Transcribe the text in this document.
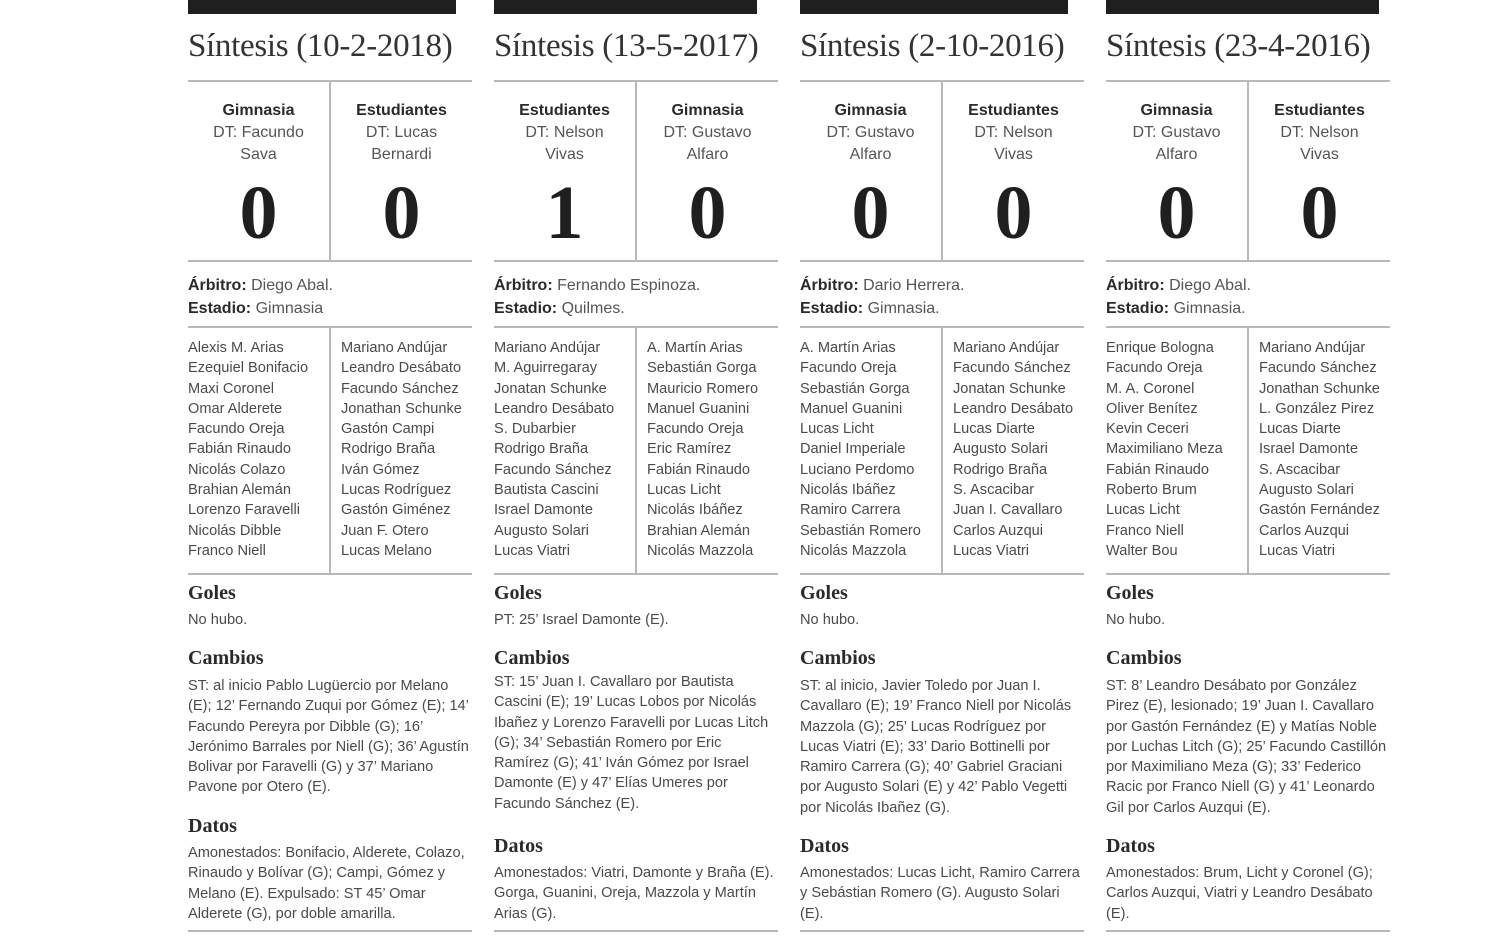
Síntesis (10-2-2018)
Gimnasia
DT: Facundo Sava
Estudiantes
DT: Lucas Bernardi
0	0
Árbitro: Diego Abal.
Estadio: Gimnasia
Alexis M. Arias
Ezequiel Bonifacio
Maxi Coronel
Omar Alderete
Facundo Oreja
Fabián Rinaudo
Nicolás Colazo
Brahian Alemán
Lorenzo Faravelli
Nicolás Dibble
Franco Niell
Mariano Andújar
Leandro Desábato
Facundo Sánchez
Jonathan Schunke
Gastón Campi
Rodrigo Braña
Iván Gómez
Lucas Rodríguez
Gastón Giménez
Juan F. Otero
Lucas Melano
Goles
No hubo.
Cambios
ST: al inicio Pablo Lugüercio por Melano (E); 12’ Fernando Zuqui por Gómez (E); 14’ Facundo Pereyra por Dibble (G); 16’ Jerónimo Barrales por Niell (G); 36’ Agustín Bolivar por Faravelli (G) y 37’ Mariano Pavone por Otero (E).
Datos
Amonestados: Bonifacio, Alderete, Colazo, Rinaudo y Bolívar (G); Campi, Gómez y Melano (E). Expulsado: ST 45’ Omar Alderete (G), por doble amarilla.
Síntesis (13-5-2017)
Estudiantes
DT: Nelson Vivas
Gimnasia
DT: Gustavo Alfaro
1	0
Árbitro: Fernando Espinoza.
Estadio: Quilmes.
Mariano Andújar
M. Aguirregaray
Jonatan Schunke
Leandro Desábato
S. Dubarbier
Rodrigo Braña
Facundo Sánchez
Bautista Cascini
Israel Damonte
Augusto Solari
Lucas Viatri
A. Martín Arias
Sebastián Gorga
Mauricio Romero
Manuel Guanini
Facundo Oreja
Eric Ramírez
Fabián Rinaudo
Lucas Licht
Nicolás Ibáñez
Brahian Alemán
Nicolás Mazzola
Goles
PT: 25’ Israel Damonte (E).
Cambios
ST: 15’ Juan I. Cavallaro por Bautista Cascini (E); 19’ Lucas Lobos por Nicolás Ibañez y Lorenzo Faravelli por Lucas Litch (G); 34’ Sebastián Romero por Eric Ramírez (G); 41’ Iván Gómez por Israel Damonte (E) y 47’ Elías Umeres por Facundo Sánchez (E).
Datos
Amonestados: Viatri, Damonte y Braña (E). Gorga, Guanini, Oreja, Mazzola y Martín Arias (G).
Síntesis (2-10-2016)
Gimnasia
DT: Gustavo Alfaro
Estudiantes
DT: Nelson Vivas
0	0
Árbitro: Dario Herrera.
Estadio: Gimnasia.
A. Martín Arias
Facundo Oreja
Sebastián Gorga
Manuel Guanini
Lucas Licht
Daniel Imperiale
Luciano Perdomo
Nicolás Ibáñez
Ramiro Carrera
Sebastián Romero
Nicolás Mazzola
Mariano Andújar
Facundo Sánchez
Jonatan Schunke
Leandro Desábato
Lucas Diarte
Augusto Solari
Rodrigo Braña
S. Ascacibar
Juan I. Cavallaro
Carlos Auzqui
Lucas Viatri
Goles
No hubo.
Cambios
ST: al inicio, Javier Toledo por Juan I. Cavallaro (E); 19’ Franco Niell por Nicolás Mazzola (G); 25’ Lucas Rodríguez por Lucas Viatri (E); 33’ Dario Bottinelli por Ramiro Carrera (G); 40’ Gabriel Graciani por Augusto Solari (E) y 42’ Pablo Vegetti por Nicolás Ibañez (G).
Datos
Amonestados: Lucas Licht, Ramiro Carrera y Sebástian Romero (G). Augusto Solari (E).
Síntesis (23-4-2016)
Gimnasia
DT: Gustavo Alfaro
Estudiantes
DT: Nelson Vivas
0	0
Árbitro: Diego Abal.
Estadio: Gimnasia.
Enrique Bologna
Facundo Oreja
M. A. Coronel
Oliver Benítez
Kevin Ceceri
Maximiliano Meza
Fabián Rinaudo
Roberto Brum
Lucas Licht
Franco Niell
Walter Bou
Mariano Andújar
Facundo Sánchez
Jonathan Schunke
L. González Pirez
Lucas Diarte
Israel Damonte
S. Ascacibar
Augusto Solari
Gastón Fernández
Carlos Auzqui
Lucas Viatri
Goles
No hubo.
Cambios
ST: 8’ Leandro Desábato por González Pirez (E), lesionado; 19’ Juan I. Cavallaro por Gastón Fernández (E) y Matías Noble por Luchas Litch (G); 25’ Facundo Castillón por Maximiliano Meza (G); 33’ Federico Racic por Franco Niell (G) y 41’ Leonardo Gil por Carlos Auzqui (E).
Datos
Amonestados: Brum, Licht y Coronel (G); Carlos Auzqui, Viatri y Leandro Desábato (E).
